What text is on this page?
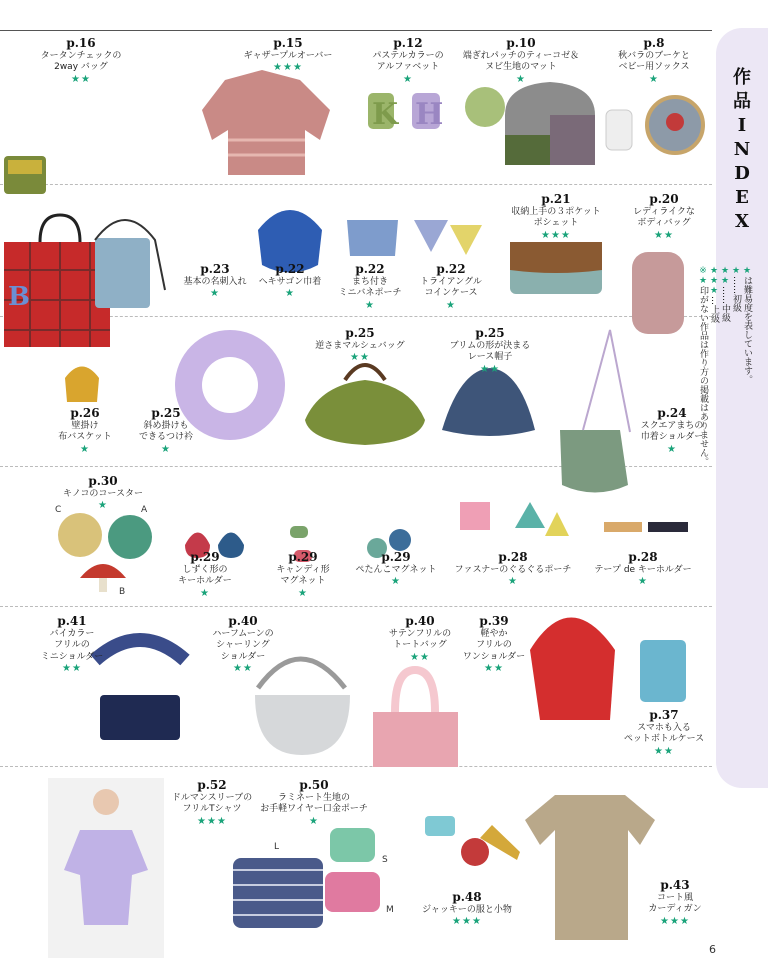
作
品
I
N
D
E
X
★は難易度を表しています。
★……初級
★★……中級
★★★…上級
※★印がない作品は作り方の掲載はありません。
K H
B
C	A
B
L
S
M
p.16
タータンチェックの
2way バッグ
★★
p.15
ギャザープルオーバー
★★★
p.12
パステルカラーの
アルファベット
★
p.10
端ぎれパッチのティーコゼ＆
ヌビ生地のマット
★
p.8
秋バラのブーケと
ベビー用ソックス
★
p.21
収納上手の３ポケット
ポシェット
★★★
p.20
レディライクな
ボディバッグ
★★
p.23
基本の名刺入れ
★
p.22
ヘキサゴン巾着
★
p.22
まち付き
ミニバネポーチ
★
p.22
トライアングル
コインケース
★
p.25
逆さまマルシェバッグ
★★
p.25
ブリムの形が決まる
レース帽子
★★
p.26
壁掛け
布バスケット
★
p.25
斜め掛けも
できるつけ衿
★
p.24
スクエアまちの
巾着ショルダー
★
p.30
キノコのコースター
★
p.29
しずく形の
キーホルダー
★
p.29
キャンディ形
マグネット
★
p.29
ぺたんこマグネット
★
p.28
ファスナーのぐるぐるポーチ
★
p.28
テープ de キーホルダー
★
p.41
バイカラー
フリルの
ミニショルダー
★★
p.40
ハーフムーンの
シャーリング
ショルダー
★★
p.40
サテンフリルの
トートバッグ
★★
p.39
軽やか
フリルの
ワンショルダー
★★
p.37
スマホも入る
ペットボトルケース
★★
p.52
ドルマンスリーブの
フリルTシャツ
★★★
p.50
ラミネート生地の
お手軽ワイヤー口金ポーチ
★
p.48
ジャッキーの服と小物
★★★
p.43
コート風
カーディガン
★★★
6
